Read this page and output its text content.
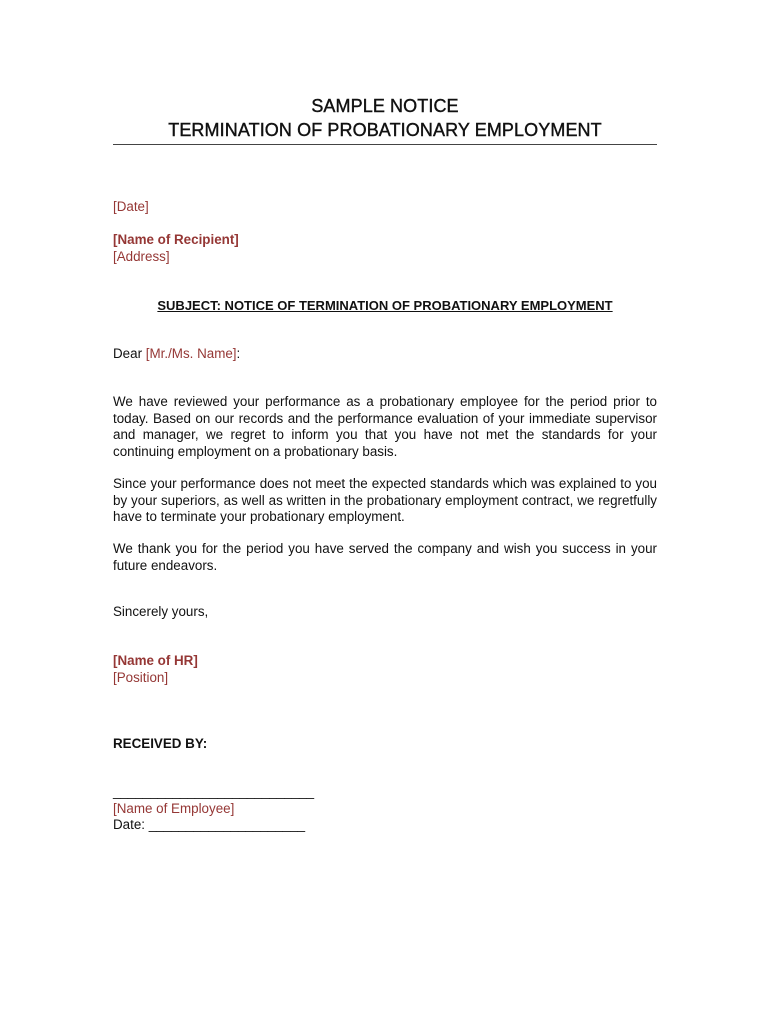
SAMPLE NOTICE
TERMINATION OF PROBATIONARY EMPLOYMENT
[Date]
[Name of Recipient]
[Address]
SUBJECT: NOTICE OF TERMINATION OF PROBATIONARY EMPLOYMENT
Dear [Mr./Ms. Name]:
We have reviewed your performance as a probationary employee for the period prior to today. Based on our records and the performance evaluation of your immediate supervisor and manager, we regret to inform you that you have not met the standards for your continuing employment on a probationary basis.
Since your performance does not meet the expected standards which was explained to you by your superiors, as well as written in the probationary employment contract, we regretfully have to terminate your probationary employment.
We thank you for the period you have served the company and wish you success in your future endeavors.
Sincerely yours,
[Name of HR]
[Position]
RECEIVED BY:
___________________________
[Name of Employee]
Date: _____________________
